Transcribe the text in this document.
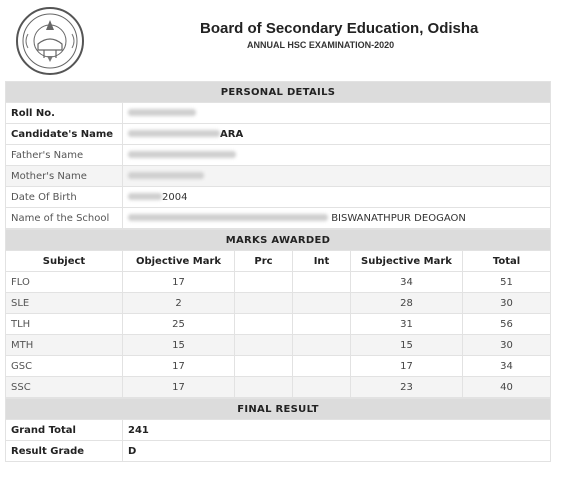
Board of Secondary Education, Odisha
ANNUAL HSC EXAMINATION-2020
PERSONAL DETAILS	
Roll No.	
Candidate's Name	ARA
Father's Name	
Mother's Name	
Date Of Birth	2004
Name of the School	BISWANATHPUR DEOGAON
MARKS AWARDED					
Subject	Objective Mark	Prc	Int	Subjective Mark	Total
FLO	17			34	51
SLE	2			28	30
TLH	25			31	56
MTH	15			15	30
GSC	17			17	34
SSC	17			23	40
FINAL RESULT	
Grand Total	241
Result Grade	D
